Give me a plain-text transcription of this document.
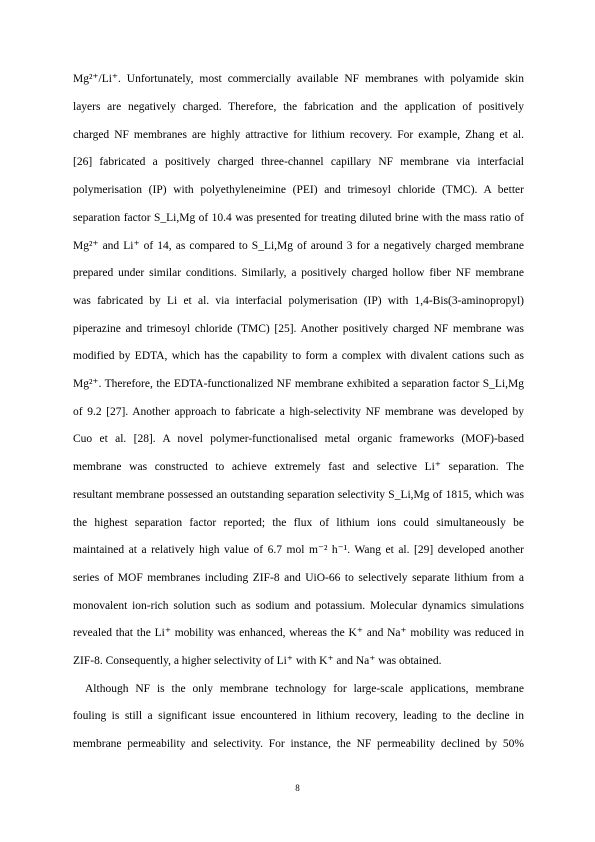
Mg²⁺/Li⁺. Unfortunately, most commercially available NF membranes with polyamide skin
layers are negatively charged. Therefore, the fabrication and the application of positively
charged NF membranes are highly attractive for lithium recovery. For example, Zhang et al.
[26] fabricated a positively charged three-channel capillary NF membrane via interfacial
polymerisation (IP) with polyethyleneimine (PEI) and trimesoyl chloride (TMC). A better
separation factor S_Li,Mg of 10.4 was presented for treating diluted brine with the mass ratio of
Mg²⁺ and Li⁺ of 14, as compared to S_Li,Mg of around 3 for a negatively charged membrane
prepared under similar conditions. Similarly, a positively charged hollow fiber NF membrane
was fabricated by Li et al. via interfacial polymerisation (IP) with 1,4-Bis(3-aminopropyl)
piperazine and trimesoyl chloride (TMC) [25]. Another positively charged NF membrane was
modified by EDTA, which has the capability to form a complex with divalent cations such as
Mg²⁺. Therefore, the EDTA-functionalized NF membrane exhibited a separation factor S_Li,Mg
of 9.2 [27]. Another approach to fabricate a high-selectivity NF membrane was developed by
Cuo et al. [28]. A novel polymer-functionalised metal organic frameworks (MOF)-based
membrane was constructed to achieve extremely fast and selective Li⁺ separation. The
resultant membrane possessed an outstanding separation selectivity S_Li,Mg of 1815, which was
the highest separation factor reported; the flux of lithium ions could simultaneously be
maintained at a relatively high value of 6.7 mol m⁻² h⁻¹. Wang et al. [29] developed another
series of MOF membranes including ZIF-8 and UiO-66 to selectively separate lithium from a
monovalent ion-rich solution such as sodium and potassium. Molecular dynamics simulations
revealed that the Li⁺ mobility was enhanced, whereas the K⁺ and Na⁺ mobility was reduced in
ZIF-8. Consequently, a higher selectivity of Li⁺ with K⁺ and Na⁺ was obtained.
Although NF is the only membrane technology for large-scale applications, membrane
fouling is still a significant issue encountered in lithium recovery, leading to the decline in
membrane permeability and selectivity. For instance, the NF permeability declined by 50%
8
